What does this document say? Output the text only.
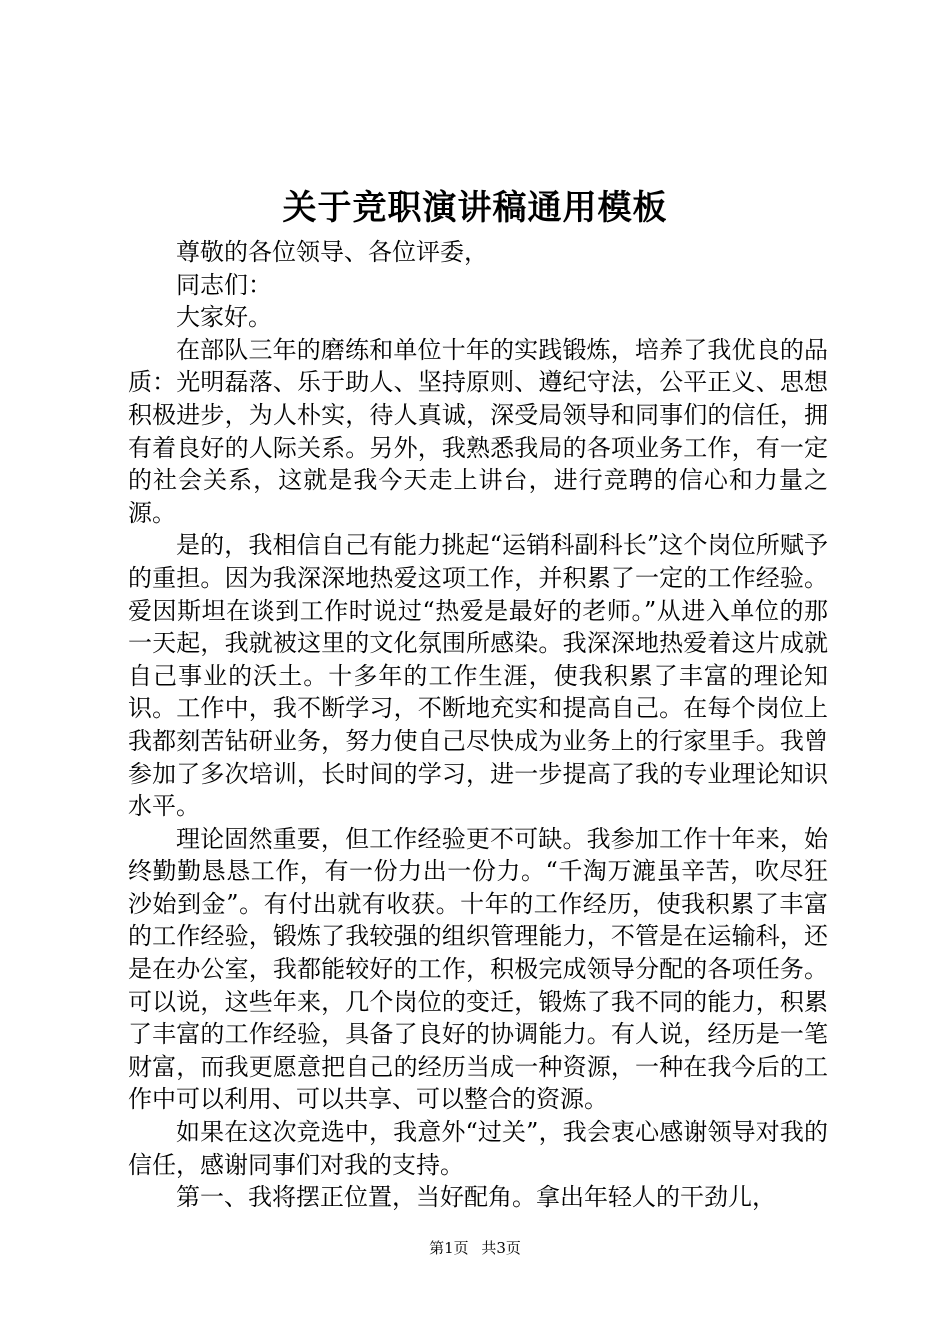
关于竞职演讲稿通用模板

尊敬的各位领导、各位评委，

同志们：

大家好。

在部队三年的磨练和单位十年的实践锻炼，培养了我优良的品质：光明磊落、乐于助人、坚持原则、遵纪守法，公平正义、思想积极进步，为人朴实，待人真诚，深受局领导和同事们的信任，拥有着良好的人际关系。另外，我熟悉我局的各项业务工作，有一定的社会关系，这就是我今天走上讲台，进行竞聘的信心和力量之源。

是的，我相信自己有能力挑起“运销科副科长”这个岗位所赋予的重担。因为我深深地热爱这项工作，并积累了一定的工作经验。爱因斯坦在谈到工作时说过“热爱是最好的老师。”从进入单位的那一天起，我就被这里的文化氛围所感染。我深深地热爱着这片成就自己事业的沃土。十多年的工作生涯，使我积累了丰富的理论知识。工作中，我不断学习，不断地充实和提高自己。在每个岗位上我都刻苦钻研业务，努力使自己尽快成为业务上的行家里手。我曾参加了多次培训，长时间的学习，进一步提高了我的专业理论知识水平。

理论固然重要，但工作经验更不可缺。我参加工作十年来，始终勤勤恳恳工作，有一份力出一份力。“千淘万漉虽辛苦，吹尽狂沙始到金”。有付出就有收获。十年的工作经历，使我积累了丰富的工作经验，锻炼了我较强的组织管理能力，不管是在运输科，还是在办公室，我都能较好的工作，积极完成领导分配的各项任务。可以说，这些年来，几个岗位的变迁，锻炼了我不同的能力，积累了丰富的工作经验，具备了良好的协调能力。有人说，经历是一笔财富，而我更愿意把自己的经历当成一种资源，一种在我今后的工作中可以利用、可以共享、可以整合的资源。

如果在这次竞选中，我意外“过关”，我会衷心感谢领导对我的信任，感谢同事们对我的支持。

第一、我将摆正位置，当好配角。拿出年轻人的干劲儿，

第1页 共3页
